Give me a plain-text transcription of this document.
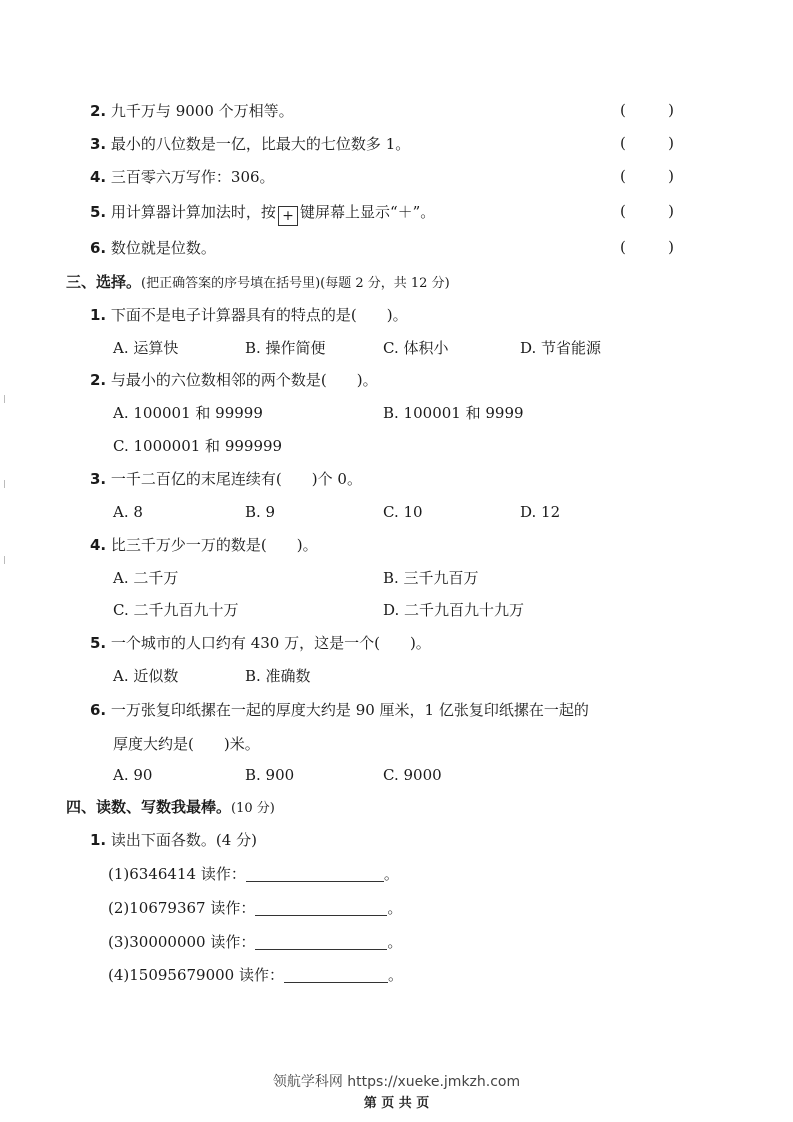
2. 九千万与 9000 个万相等。	(	)
3. 最小的八位数是一亿，比最大的七位数多 1。	(	)
4. 三百零六万写作：306。	(	)
5. 用计算器计算加法时，按 + 键屏幕上显示“＋”。	(	)
6. 数位就是位数。	(	)
三、选择。(把正确答案的序号填在括号里)(每题 2 分，共 12 分)
1. 下面不是电子计算器具有的特点的是(　　)。
A. 运算快	B. 操作简便	C. 体积小	D. 节省能源
2. 与最小的六位数相邻的两个数是(　　)。
A. 100001 和 99999	B. 100001 和 9999
C. 1000001 和 999999
3. 一千二百亿的末尾连续有(　　)个 0。
A. 8	B. 9	C. 10	D. 12
4. 比三千万少一万的数是(　　)。
A. 二千万	B. 三千九百万
C. 二千九百九十万	D. 二千九百九十九万
5. 一个城市的人口约有 430 万，这是一个(　　)。
A. 近似数	B. 准确数
6. 一万张复印纸摞在一起的厚度大约是 90 厘米，1 亿张复印纸摞在一起的
厚度大约是(　　)米。
A. 90	B. 900	C. 9000
四、读数、写数我最棒。(10 分)
1. 读出下面各数。(4 分)
(1)6346414 读作：	。
(2)10679367 读作：	。
(3)30000000 读作：	。
(4)15095679000 读作：	。
领航学科网 https://xueke.jmkzh.com
第 页 共 页
